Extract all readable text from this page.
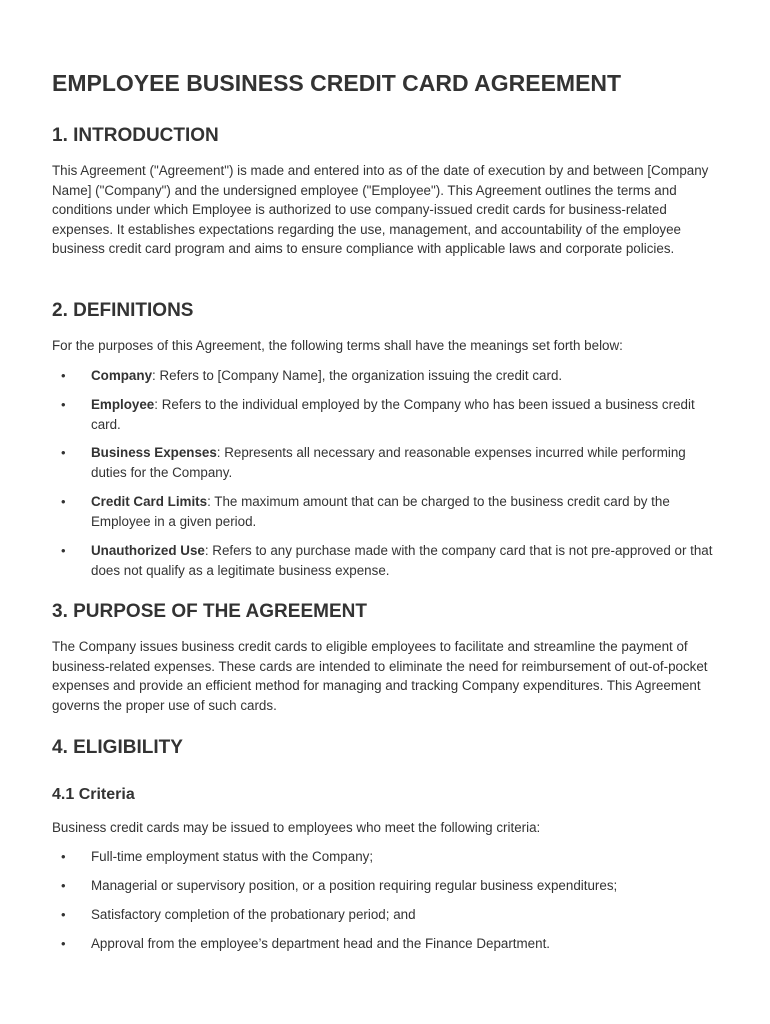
EMPLOYEE BUSINESS CREDIT CARD AGREEMENT
1. INTRODUCTION

This Agreement ("Agreement") is made and entered into as of the date of execution by and between [Company Name] ("Company") and the undersigned employee ("Employee"). This Agreement outlines the terms and conditions under which Employee is authorized to use company-issued credit cards for business-related expenses. It establishes expectations regarding the use, management, and accountability of the employee business credit card program and aims to ensure compliance with applicable laws and corporate policies.

2. DEFINITIONS

For the purposes of this Agreement, the following terms shall have the meanings set forth below:

• Company: Refers to [Company Name], the organization issuing the credit card.
• Employee: Refers to the individual employed by the Company who has been issued a business credit card.
• Business Expenses: Represents all necessary and reasonable expenses incurred while performing duties for the Company.
• Credit Card Limits: The maximum amount that can be charged to the business credit card by the Employee in a given period.
• Unauthorized Use: Refers to any purchase made with the company card that is not pre-approved or that does not qualify as a legitimate business expense.
3. PURPOSE OF THE AGREEMENT

The Company issues business credit cards to eligible employees to facilitate and streamline the payment of business-related expenses. These cards are intended to eliminate the need for reimbursement of out-of-pocket expenses and provide an efficient method for managing and tracking Company expenditures. This Agreement governs the proper use of such cards.

4. ELIGIBILITY
4.1 Criteria

Business credit cards may be issued to employees who meet the following criteria:

• Full-time employment status with the Company;
• Managerial or supervisory position, or a position requiring regular business expenditures;
• Satisfactory completion of the probationary period; and
• Approval from the employee’s department head and the Finance Department.
